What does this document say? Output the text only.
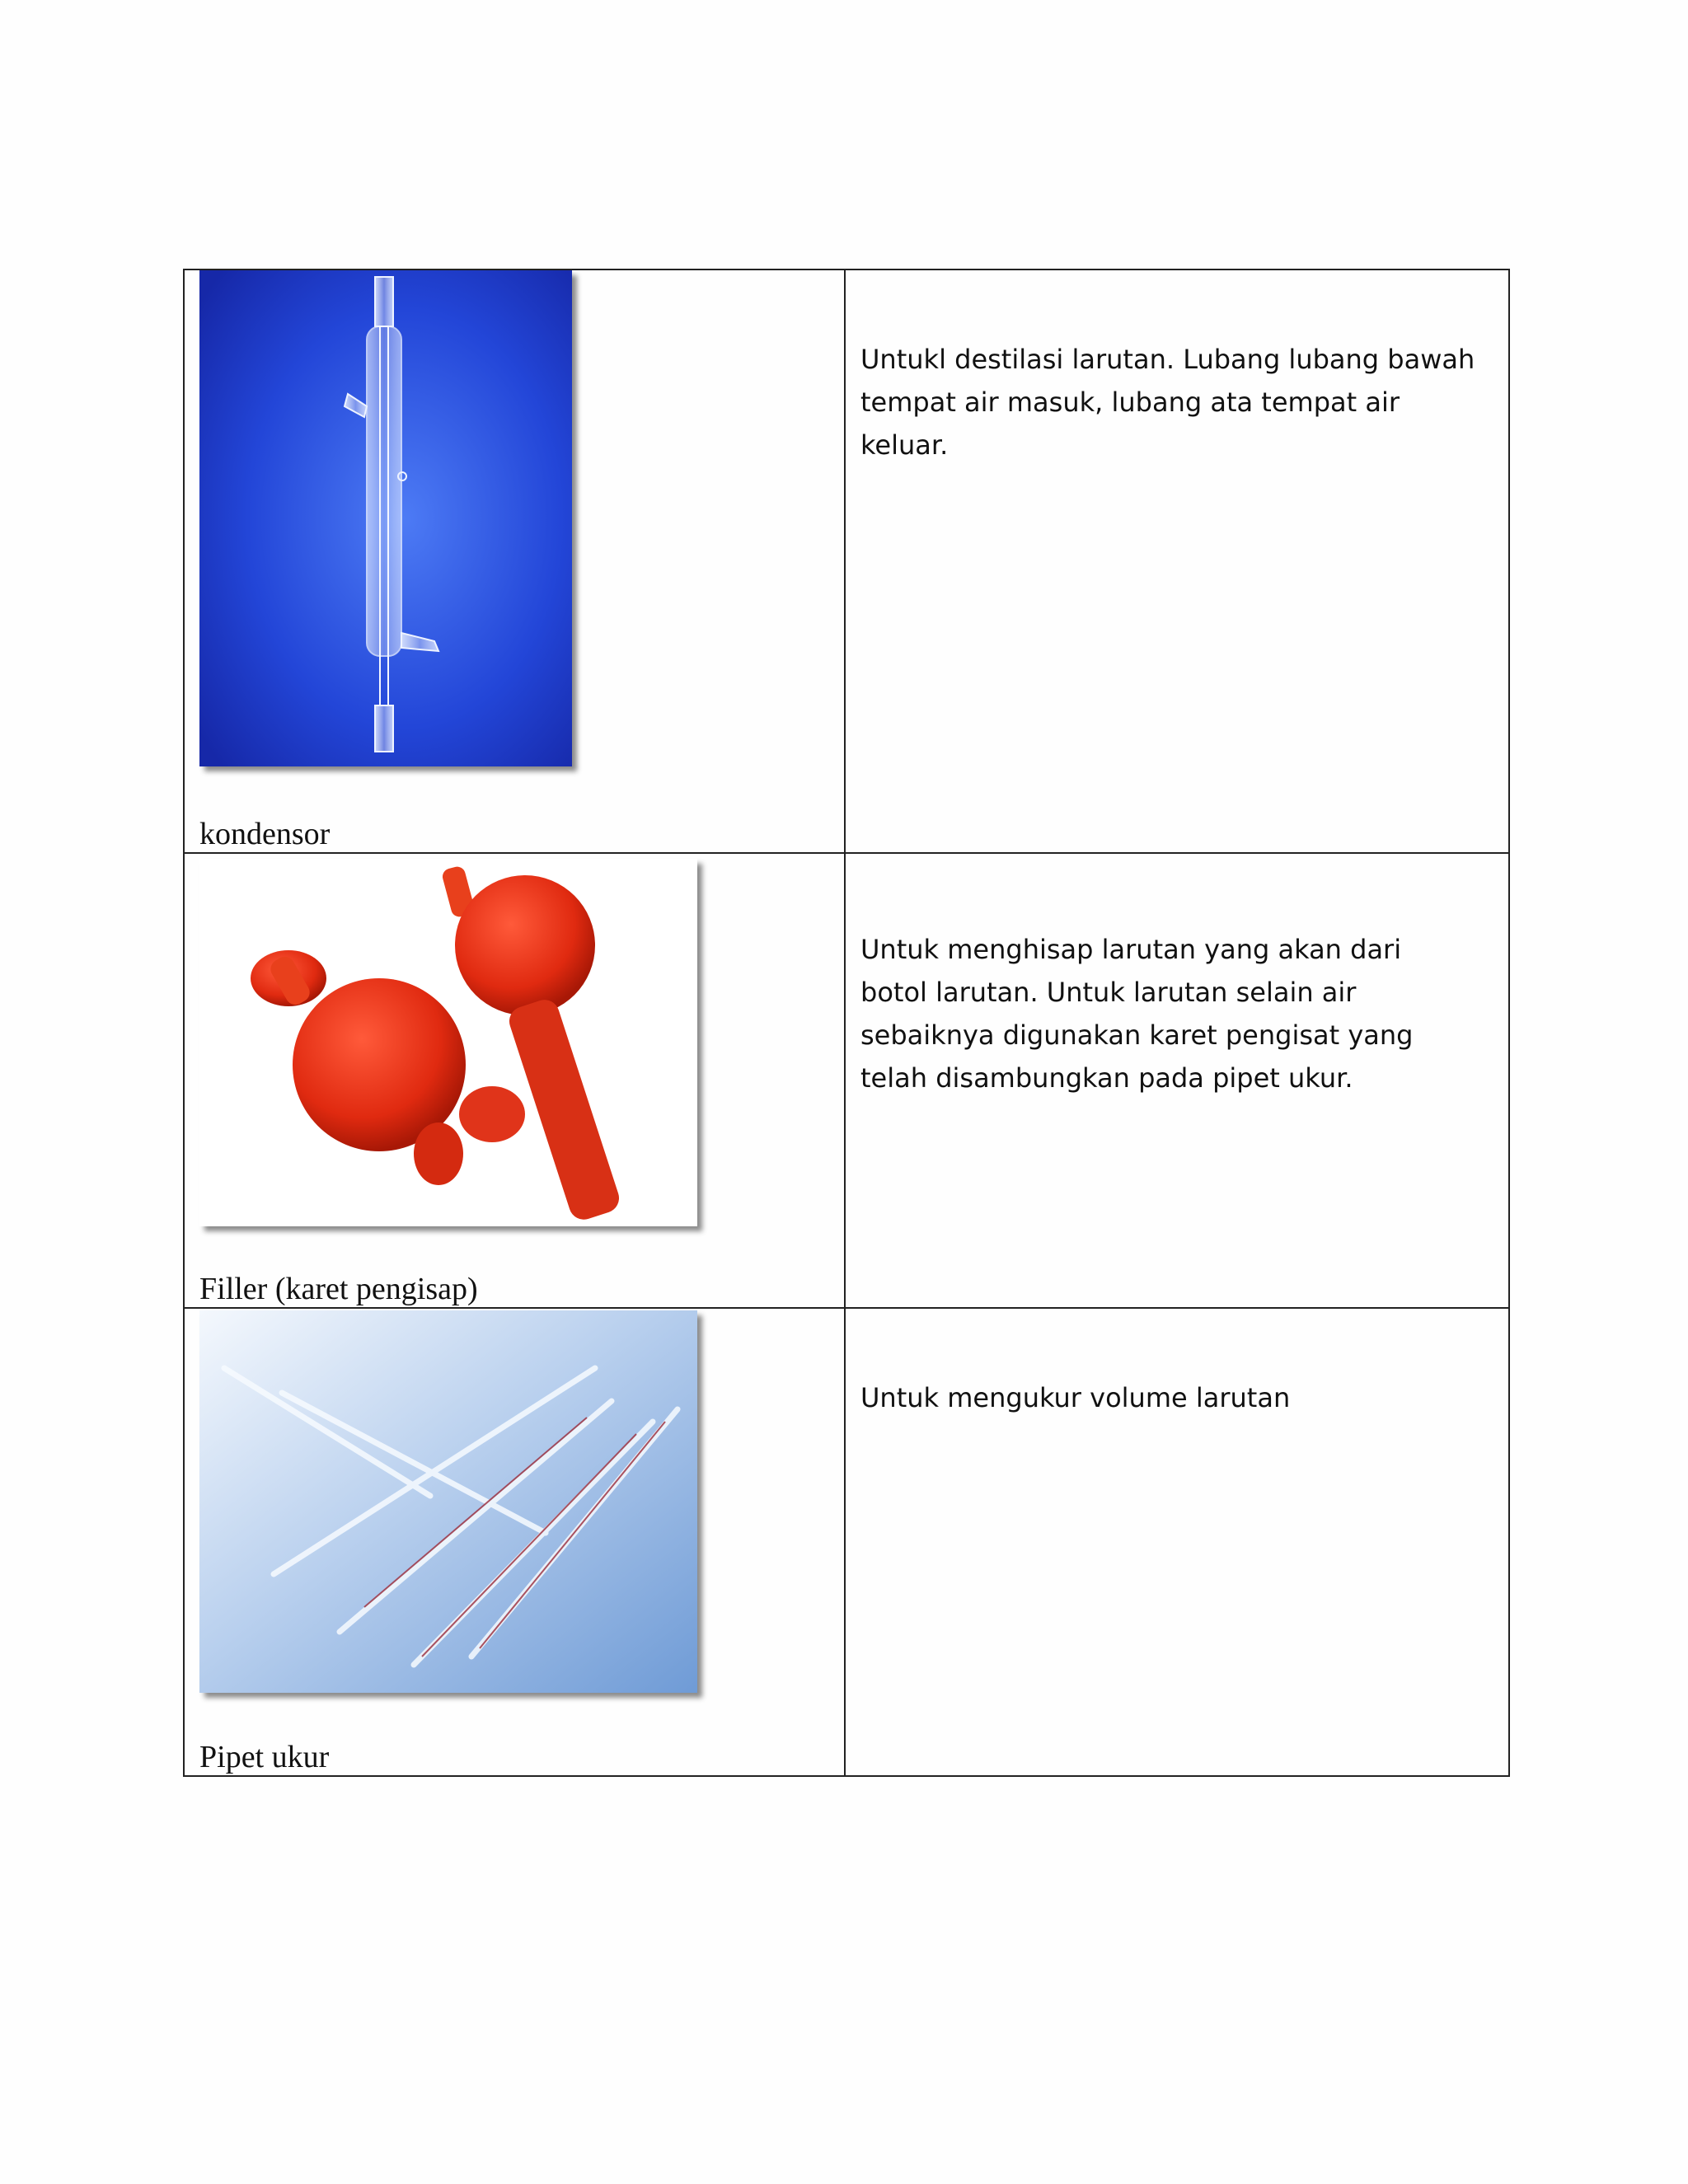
kondensor	Untukl destilasi larutan. Lubang lubang bawah tempat air masuk, lubang ata tempat air keluar.

Filler (karet pengisap)	Untuk menghisap larutan yang akan dari botol larutan. Untuk larutan selain air sebaiknya digunakan karet pengisat yang telah disambungkan pada pipet ukur.

Pipet ukur	Untuk mengukur volume larutan
